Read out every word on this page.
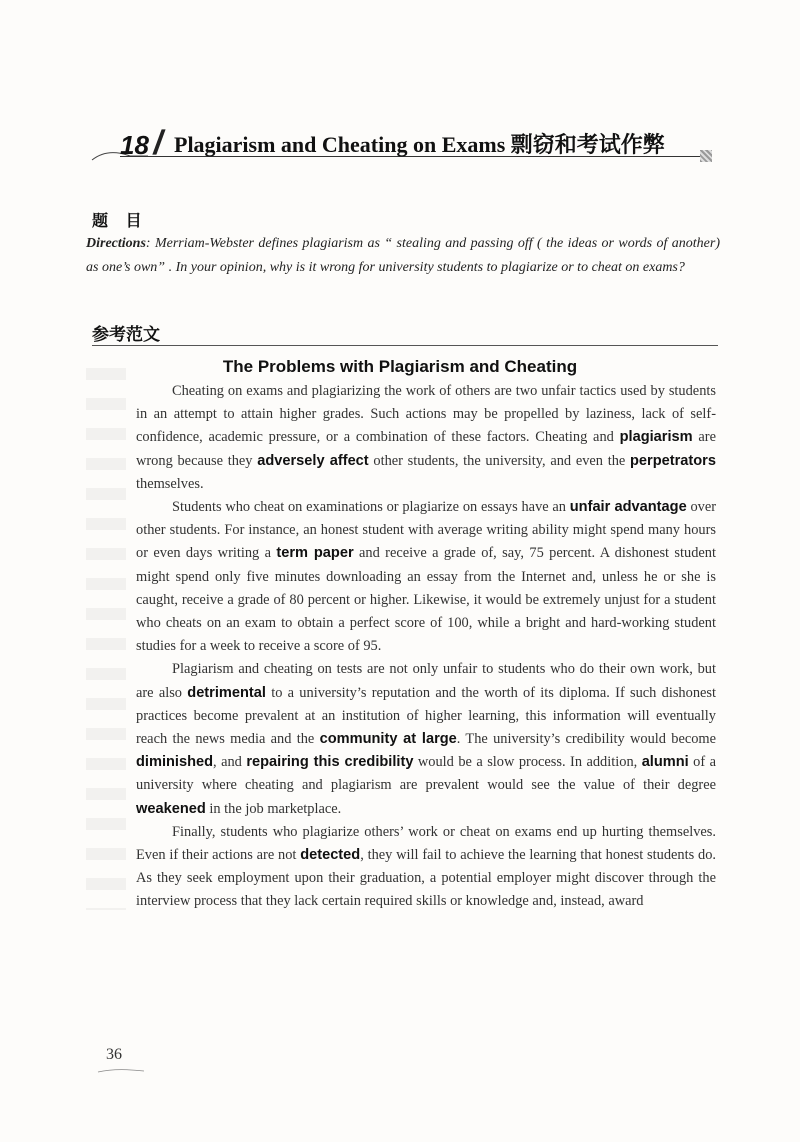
18 / Plagiarism and Cheating on Exams 剽窃和考试作弊
题 目
Directions: Merriam-Webster defines plagiarism as “ stealing and passing off ( the ideas or words of another) as one’s own” . In your opinion, why is it wrong for university students to plagiarize or to cheat on exams?
参考范文
The Problems with Plagiarism and Cheating

Cheating on exams and plagiarizing the work of others are two unfair tactics used by students in an attempt to attain higher grades. Such actions may be propelled by laziness, lack of self-confidence, academic pressure, or a combination of these factors. Cheating and plagiarism are wrong because they adversely affect other students, the university, and even the perpetrators themselves.

Students who cheat on examinations or plagiarize on essays have an unfair advantage over other students. For instance, an honest student with average writing ability might spend many hours or even days writing a term paper and receive a grade of, say, 75 percent. A dishonest student might spend only five minutes downloading an essay from the Internet and, unless he or she is caught, receive a grade of 80 percent or higher. Likewise, it would be extremely unjust for a student who cheats on an exam to obtain a perfect score of 100, while a bright and hard-working student studies for a week to receive a score of 95.

Plagiarism and cheating on tests are not only unfair to students who do their own work, but are also detrimental to a university’s reputation and the worth of its diploma. If such dishonest practices become prevalent at an institution of higher learning, this information will eventually reach the news media and the community at large. The university’s credibility would become diminished, and repairing this credibility would be a slow process. In addition, alumni of a university where cheating and plagiarism are prevalent would see the value of their degree weakened in the job marketplace.

Finally, students who plagiarize others’ work or cheat on exams end up hurting themselves. Even if their actions are not detected, they will fail to achieve the learning that honest students do. As they seek employment upon their graduation, a potential employer might discover through the interview process that they lack certain required skills or knowledge and, instead, award

36
